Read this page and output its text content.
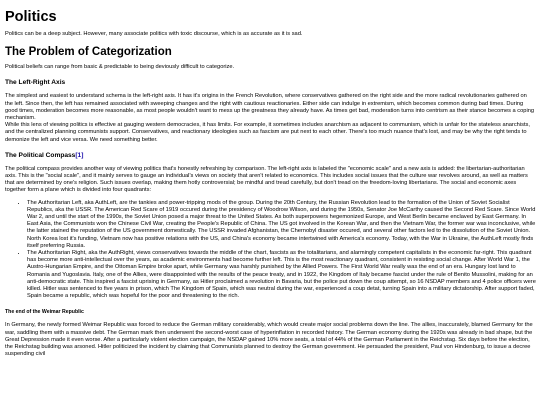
Politics

Politics can be a deep subject. However, many associate politics with toxic discourse, which is as accurate as it is sad.

The Problem of Categorization

Political beliefs can range from basic & predictable to being deviously difficult to categorize.

The Left-Right Axis

The simplest and easiest to understand schema is the left-right axis. It has it's origins in the French Revolution, where conservatives gathered on the right side and the more radical revolutionaries gathered on the left. Since then, the left has remained associated with sweeping changes and the right with cautious reactionaries. Either side can indulge in extremism, which becomes common during bad times. During good times, moderation becomes more reasonable, as most people wouldn't want to mess up the greatness they already have. As times get bad, moderation turns into centrism as their stance becomes a coping mechanism.

While this lens of viewing politics is effective at gauging western democracies, it has limits. For example, it sometimes includes anarchism as adjacent to communism, which is unfair for the stateless anarchists, and the centralized planning communists support. Conservatives, and reactionary ideologies such as fascism are put next to each other. There's too much nuance that's lost, and may be why the right tends to demonize the left and vice versa. We need something better.

The Political Compass[1]

The political compass provides another way of viewing politics that's honestly refreshing by comparison. The left-right axis is labeled the "economic scale" and a new axis is added: the libertarian-authoritarian axis. This is the "social scale", and it mainly serves to gauge an individual's views on society that aren't related to economics. This includes social issues that the culture war revolves around, as well as matters that are determined by one's religion. Such issues overlap, making them hotly controversial; be mindful and tread carefully, but don't tread on the freedom-loving libertarians. The social and economic axes together form a plane which is divided into four quadrants:

• The Authoritarian Left, aka AuthLeft, are the tankies and power-tripping mods of the group. During the 20th Century, the Russian Revolution lead to the formation of the Union of Soviet Socialist Republics, aka the USSR. The American Red Scare of 1919 occured during the presidency of Woodrow Wilson, and during the 1950s, Senator Joe McCarthy caused the Second Red Scare. Since World War 2, and until the start of the 1990s, the Soviet Union posed a major threat to the United States. As both superpowers hegemonized Europe, and West Berlin became enclaved by East Germany. In East Asia, the Communists won the Chinese Civil War, creating the People's Republic of China. The US got involved in the Korean War, and then the Vietnam War, the former war was inconclusive, while the latter stained the reputation of the US government domestically. The USSR invaded Afghanistan, the Chernobyl disaster occured, and several other factors led to the dissolution of the Soviet Union. North Korea lost it's funding, Vietnam now has positive relations with the US, and China's economy became intertwined with America's economy. Today, with the War in Ukraine, the AuthLeft mostly finds itself preferring Russia.
• The Authoritarian Right, aka the AuthRight, views conservatives towards the middle of the chart, fascists as the totalitarians, and alarmingly competent capitalists in the economic far-right. This quadrant has become more anti-intellectual over the years, as academic environments had become further left. This is the most reactionary quadrant, consistent in resisting social change. After World War 1, the Austro-Hungarian Empire, and the Ottoman Empire broke apart, while Germany was harshly punished by the Allied Powers. The First World War really was the end of an era. Hungary lost land to Romania and Yugoslavia. Italy, one of the Allies, were disappointed with the results of the peace treaty, and in 1922, the Kingdom of Italy became fascist under the rule of Benito Mussolini, making for an anti-democratic state. This inspired a fascist uprising in Germany, as Hitler proclaimed a revolution in Bavaria, but the police put down the coup attempt, so 16 NSDAP members and 4 police officers were killed. Hitler was sentenced to five years in prison, which The Kingdom of Spain, which was neutral during the war, experienced a coup detat, turning Spain into a military dictatorship. After support faded, Spain became a republic, which was hopeful for the poor and threatening to the rich.
The end of the Weimar Republic

In Germany, the newly formed Weimar Republic was forced to reduce the German military considerably, which would create major social problems down the line. The allies, inaccurately, blamed Germany for the war, saddling them with a massive debt. The German mark then underwent the second-worst case of hyperinflation in recorded history. The German economy during the 1920s was already in bad shape, but the Great Depression made it even worse. After a particularly violent election campaign, the NSDAP gained 10% more seats, a total of 44% of the German Parliament in the Reichstag. Six days before the election, the Reichstag building was arsoned. Hitler politicized the incident by claiming that Communists planned to destroy the German government. He persuaded the president, Paul von Hindenburg, to issue a decree suspending civil
